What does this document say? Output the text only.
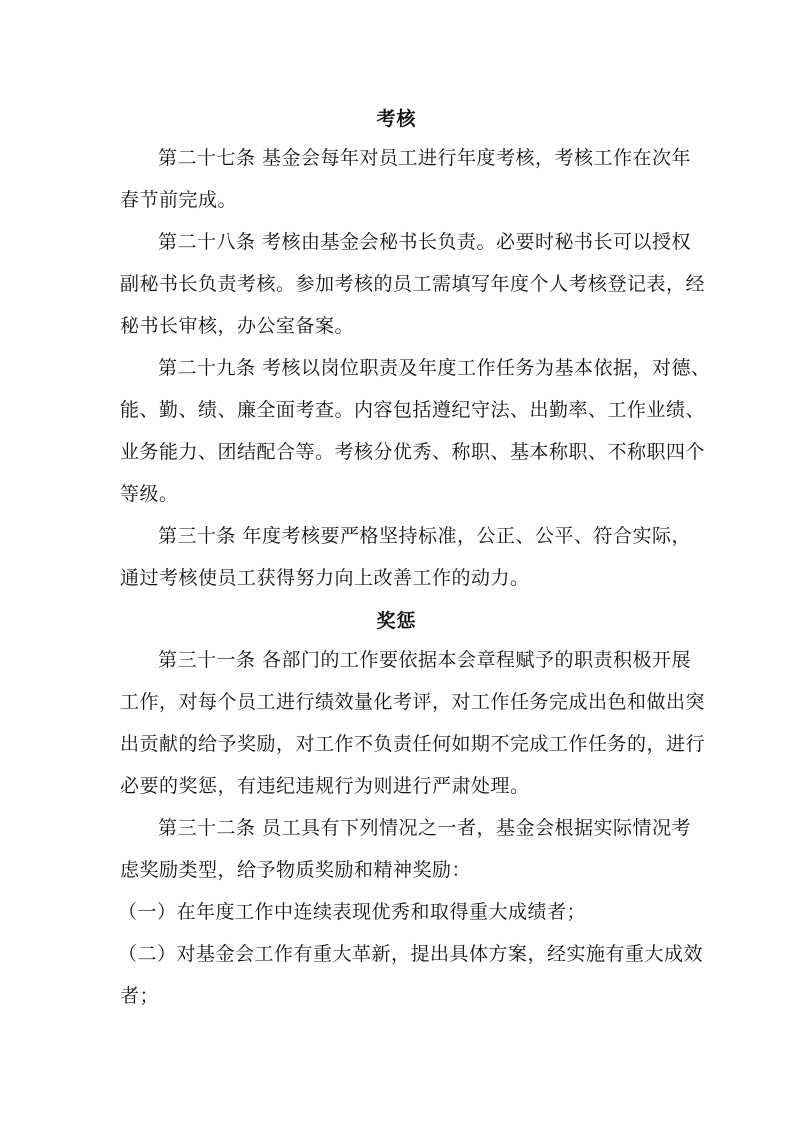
考核
第二十七条 基金会每年对员工进行年度考核，考核工作在次年
春节前完成。
第二十八条 考核由基金会秘书长负责。必要时秘书长可以授权
副秘书长负责考核。参加考核的员工需填写年度个人考核登记表，经
秘书长审核，办公室备案。
第二十九条 考核以岗位职责及年度工作任务为基本依据，对德、
能、勤、绩、廉全面考查。内容包括遵纪守法、出勤率、工作业绩、
业务能力、团结配合等。考核分优秀、称职、基本称职、不称职四个
等级。
第三十条 年度考核要严格坚持标准，公正、公平、符合实际，
通过考核使员工获得努力向上改善工作的动力。
奖惩
第三十一条 各部门的工作要依据本会章程赋予的职责积极开展
工作，对每个员工进行绩效量化考评，对工作任务完成出色和做出突
出贡献的给予奖励，对工作不负责任何如期不完成工作任务的，进行
必要的奖惩，有违纪违规行为则进行严肃处理。
第三十二条 员工具有下列情况之一者，基金会根据实际情况考
虑奖励类型，给予物质奖励和精神奖励：
（一）在年度工作中连续表现优秀和取得重大成绩者；
（二）对基金会工作有重大革新，提出具体方案，经实施有重大成效
者；
